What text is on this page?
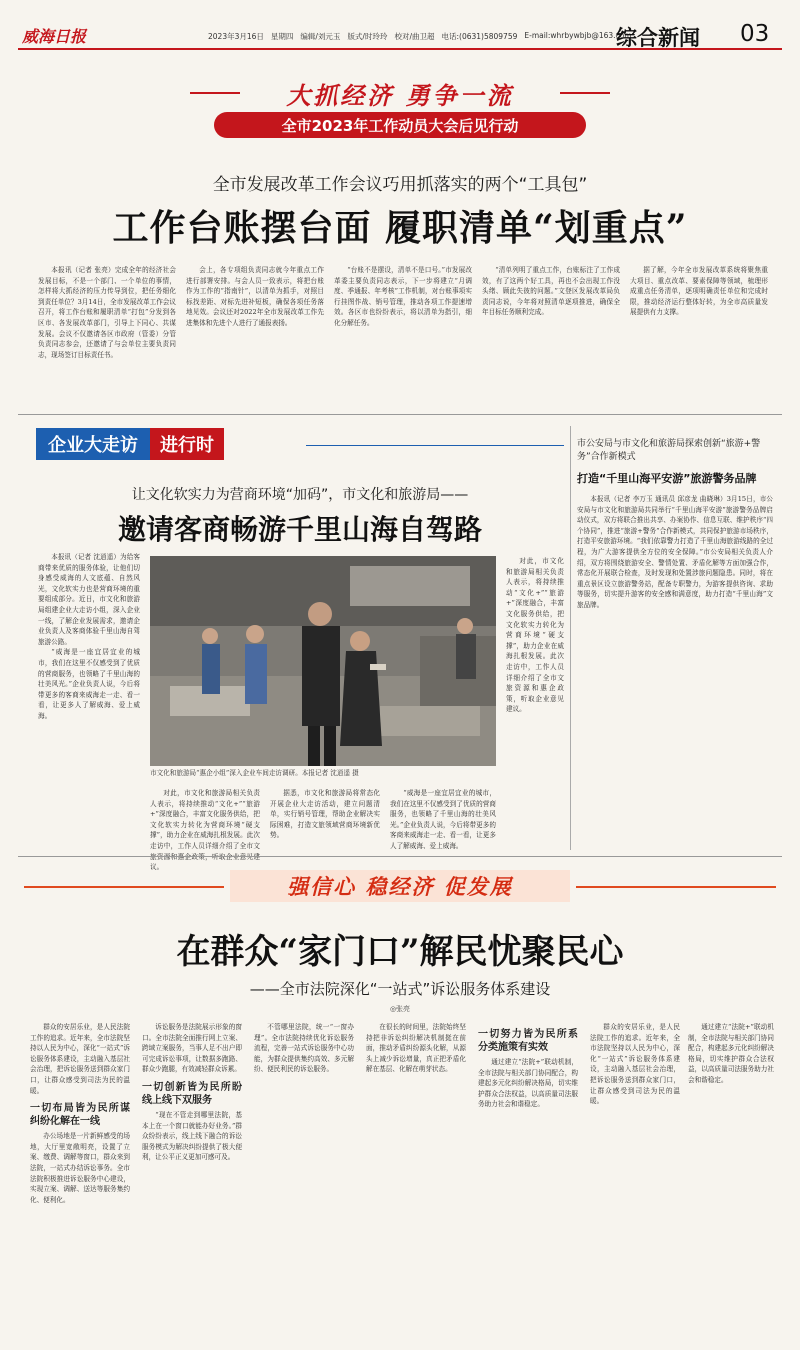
威海日报	2023年3月16日 星期四 编辑/刘元玉 版式/时玲玲 校对/曲卫超 电话:(0631)5809759 E-mail:whrbywbjb@163.com
综合新闻 03
大抓经济 勇争一流
全市2023年工作动员大会后见行动
全市发展改革工作会议巧用抓落实的两个“工具包”
工作台账摆台面 履职清单“划重点”

本报讯（记者 张亮）完成全年的经济社会发展目标，不是一个部门、一个单位的事情，怎样将大抓经济的压力传导到位，把任务细化到责任单位？3月14日，全市发展改革工作会议召开，将工作台账和履职清单“打包”分发到各区市、各发展改革部门，引导上下同心、共谋发展。会议不仅邀请各区市政府（管委）分管负责同志参会，还邀请了与会单位主要负责同志，现场签订目标责任书。

会上，各专项组负责同志就今年重点工作进行部署安排。与会人员一致表示，将把台账作为工作的“指南针”，以清单为抓手，对照目标找差距、对标先进补短板，确保各项任务落地见效。会议还对2022年全市发展改革工作先进集体和先进个人进行了通报表扬。

“台账不是摆设，清单不是口号。”市发展改革委主要负责同志表示，下一步将建立“月调度、季通报、年考核”工作机制，对台账事项实行挂图作战、销号管理，推动各项工作提速增效。各区市也纷纷表示，将以清单为指引，细化分解任务。

“清单列明了重点工作，台账标注了工作成效，有了这两个好工具，再也不会出现工作没头绪、顾此失彼的问题。”文登区发展改革局负责同志说，今年将对照清单逐项推进，确保全年目标任务顺利完成。

据了解，今年全市发展改革系统将聚焦重大项目、重点改革、要素保障等领域，梳理形成重点任务清单，逐项明确责任单位和完成时限，推动经济运行整体好转，为全市高质量发展提供有力支撑。

企业大走访	进行时
让文化软实力为营商环境“加码”，市文化和旅游局——
邀请客商畅游千里山海自驾路

本报讯（记者 沈逍遥）为给客商带来优质的服务体验，让他们切身感受威海的人文底蕴、自然风光，文化软实力也是营商环境的重要组成部分。近日，市文化和旅游局组建企业大走访小组，深入企业一线，了解企业发展需求，邀请企业负责人及客商体验千里山海自驾旅游公路。

“威海是一座宜居宜业的城市，我们在这里不仅感受到了优质的营商服务，也领略了千里山海的壮美风光。”企业负责人说，今后将带更多的客商来威海走一走、看一看，让更多人了解威海、爱上威海。

市文化和旅游局“惠企小组”深入企业车间走访调研。本报记者 沈逍遥 摄

对此，市文化和旅游局相关负责人表示，将持续推动“文化+”“旅游+”深度融合，丰富文化服务供给，把文化软实力转化为营商环境“硬支撑”，助力企业在威海扎根发展。此次走访中，工作人员详细介绍了全市文旅资源和惠企政策，听取企业意见建议。

据悉，市文化和旅游局将常态化开展企业大走访活动，建立问题清单，实行销号管理，帮助企业解决实际困难，打造文旅领域营商环境新优势。

“威海是一座宜居宜业的城市，我们在这里不仅感受到了优质的营商服务，也领略了千里山海的壮美风光。”企业负责人说，今后将带更多的客商来威海走一走、看一看，让更多人了解威海、爱上威海。

对此，市文化和旅游局相关负责人表示，将持续推动“文化+”“旅游+”深度融合，丰富文化服务供给，把文化软实力转化为营商环境“硬支撑”，助力企业在威海扎根发展。此次走访中，工作人员详细介绍了全市文旅资源和惠企政策，听取企业意见建议。

市公安局与市文化和旅游局探索创新“旅游+警务”合作新模式
打造“千里山海平安游”旅游警务品牌

本报讯（记者 李万玉 通讯员 邱彦龙 曲晓琳）3月15日，市公安局与市文化和旅游局共同举行“千里山海平安游”旅游警务品牌启动仪式，双方将联合推出共享、办案协作、信息互联、维护秩序“四个协同”，推进“旅游+警务”合作新模式，共同保护旅游市场秩序，打造平安旅游环境。“我们依靠警力打造了千里山海旅游线路的全过程，为广大游客提供全方位的安全保障。”市公安局相关负责人介绍，双方将围绕旅游安全、警情处置、矛盾化解等方面加强合作，常态化开展联合检查，及时发现和处置涉旅问题隐患。同时，将在重点景区设立旅游警务站，配备专职警力，为游客提供咨询、求助等服务，切实提升游客的安全感和满意度，助力打造“千里山海”文旅品牌。

强信心 稳经济 促发展
在群众“家门口”解民忧聚民心
——全市法院深化“一站式”诉讼服务体系建设
◎张亮

群众的安居乐业，是人民法院工作的追求。近年来，全市法院坚持以人民为中心，深化“一站式”诉讼服务体系建设，主动融入基层社会治理，把诉讼服务送到群众家门口，让群众感受到司法为民的温暖。

一切布局皆为民所谋 纠纷化解在一线

办公场地是一片新鲜感受的场地，大厅里宽敞明亮，设置了立案、缴费、调解等窗口，群众来到法院，一站式办结诉讼事务。全市法院积极推进诉讼服务中心建设，实现立案、调解、送达等服务集约化、便利化。

诉讼服务是法院展示形象的窗口。全市法院全面推行网上立案、跨域立案服务，当事人足不出户即可完成诉讼事项，让数据多跑路、群众少跑腿，有效减轻群众诉累。

一切创新皆为民所盼 线上线下双服务

“现在不管走到哪里法院，基本上在一个窗口就能办好业务。”群众纷纷表示，线上线下融合的诉讼服务模式为解决纠纷提供了极大便利，让公平正义更加可感可及。

不管哪里法院，统一“一窗办理”。全市法院持续优化诉讼服务流程，完善一站式诉讼服务中心功能，为群众提供集约高效、多元解纷、便民利民的诉讼服务。

在很长的时间里，法院始终坚持把非诉讼纠纷解决机制挺在前面，推动矛盾纠纷源头化解，从源头上减少诉讼增量，真正把矛盾化解在基层、化解在萌芽状态。

一切努力皆为民所系 分类施策有实效

通过建立“法院+”联动机制，全市法院与相关部门协同配合，构建起多元化纠纷解决格局，切实维护群众合法权益，以高质量司法服务助力社会和谐稳定。

群众的安居乐业，是人民法院工作的追求。近年来，全市法院坚持以人民为中心，深化“一站式”诉讼服务体系建设，主动融入基层社会治理，把诉讼服务送到群众家门口，让群众感受到司法为民的温暖。

通过建立“法院+”联动机制，全市法院与相关部门协同配合，构建起多元化纠纷解决格局，切实维护群众合法权益，以高质量司法服务助力社会和谐稳定。
